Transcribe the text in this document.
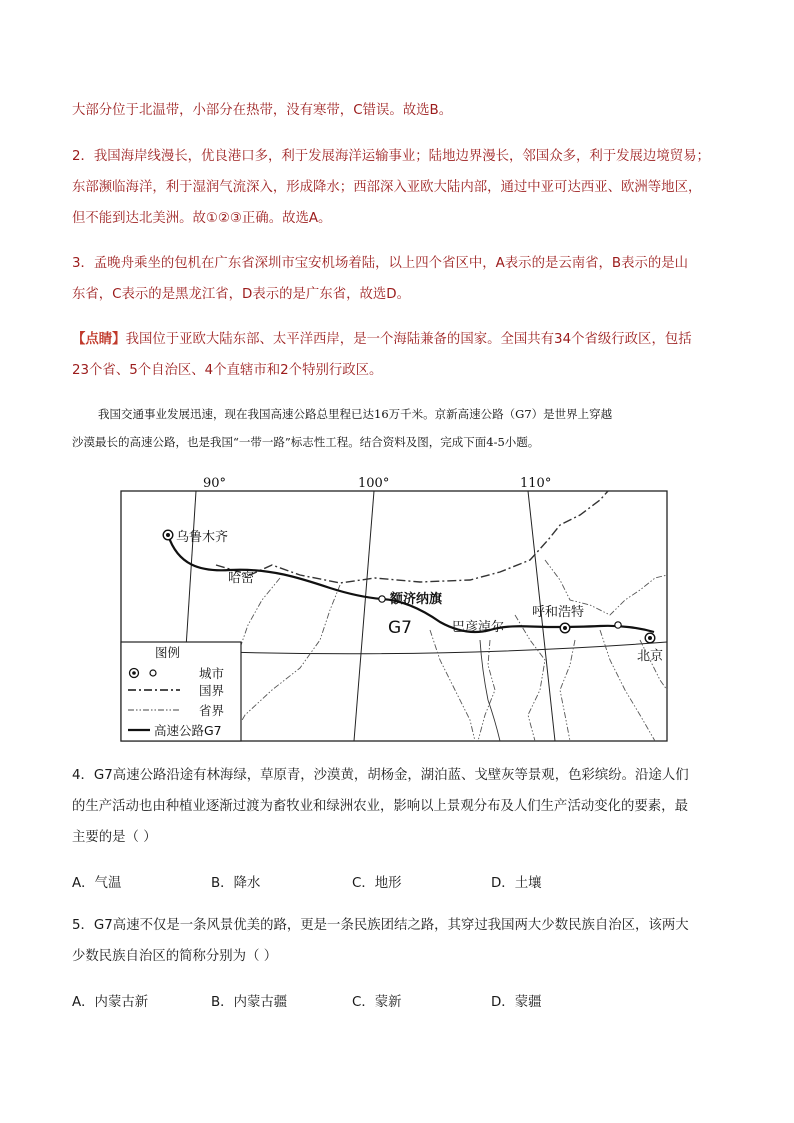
大部分位于北温带，小部分在热带，没有寒带，C错误。故选B。
2．我国海岸线漫长，优良港口多，利于发展海洋运输事业；陆地边界漫长，邻国众多，利于发展边境贸易；
东部濒临海洋，利于湿润气流深入，形成降水；西部深入亚欧大陆内部，通过中亚可达西亚、欧洲等地区，
但不能到达北美洲。故①②③正确。故选A。
3．孟晚舟乘坐的包机在广东省深圳市宝安机场着陆，以上四个省区中，A表示的是云南省，B表示的是山
东省，C表示的是黑龙江省，D表示的是广东省，故选D。
【点睛】我国位于亚欧大陆东部、太平洋西岸，是一个海陆兼备的国家。全国共有34个省级行政区，包括
23个省、5个自治区、4个直辖市和2个特别行政区。
我国交通事业发展迅速，现在我国高速公路总里程已达16万千米。京新高速公路（G7）是世界上穿越
沙漠最长的高速公路，也是我国“一带一路”标志性工程。结合资料及图，完成下面4-5小题。
乌鲁木齐
哈密
额济纳旗
巴彦淖尔
呼和浩特
北京
G7
90°	100°	110°
图例
城市
国界
省界
高速公路G7
4．G7高速公路沿途有林海绿，草原青，沙漠黄，胡杨金，湖泊蓝、戈壁灰等景观，色彩缤纷。沿途人们
的生产活动也由种植业逐渐过渡为畜牧业和绿洲农业，影响以上景观分布及人们生产活动变化的要素，最
主要的是（ ）
A．气温	B．降水	C．地形	D．土壤
5．G7高速不仅是一条风景优美的路，更是一条民族团结之路，其穿过我国两大少数民族自治区，该两大
少数民族自治区的简称分别为（ ）
A．内蒙古新	B．内蒙古疆	C．蒙新	D．蒙疆
